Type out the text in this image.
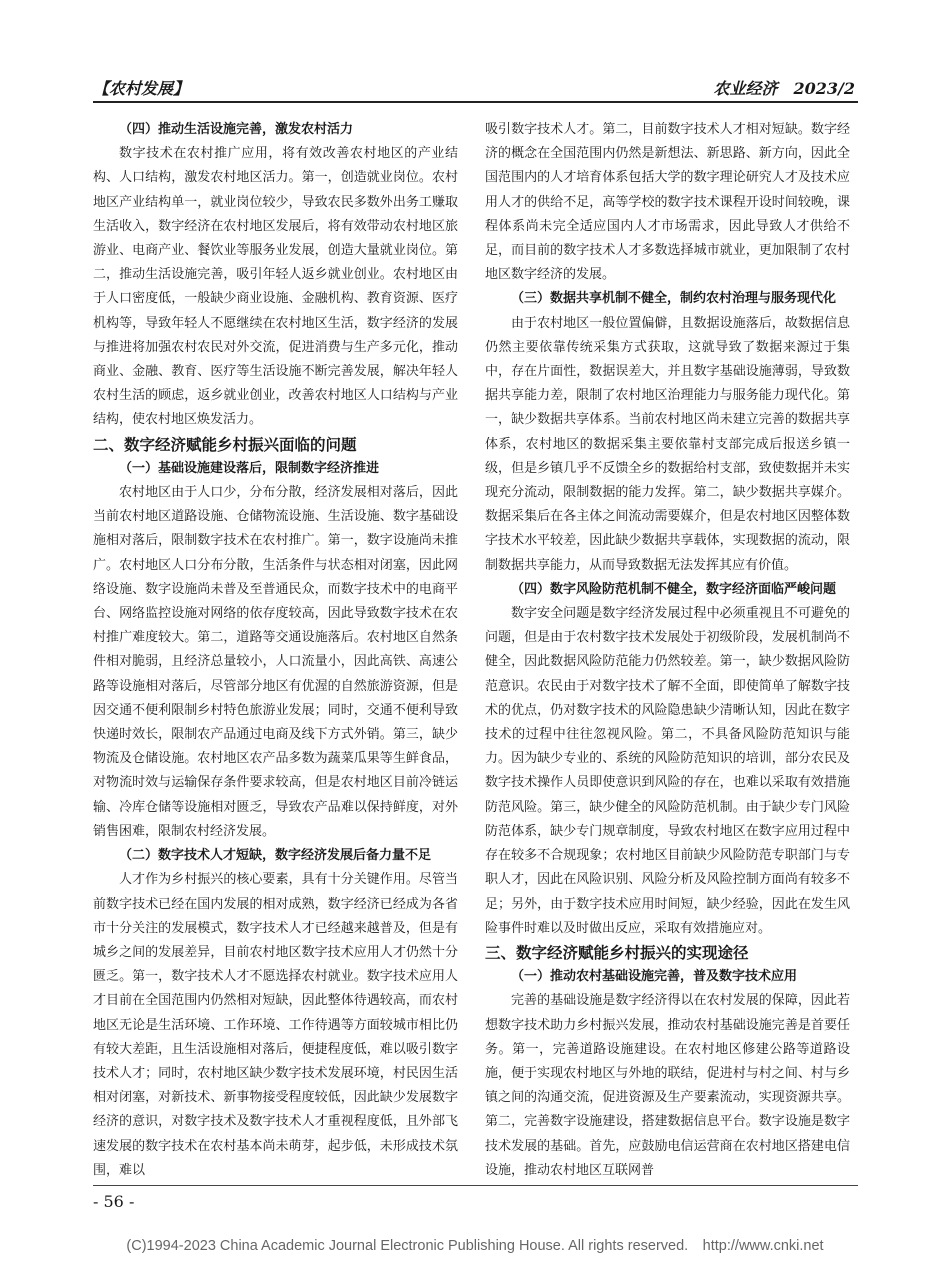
【农村发展】	农业经济　2023/2
（四）推动生活设施完善，激发农村活力

数字技术在农村推广应用，将有效改善农村地区的产业结构、人口结构，激发农村地区活力。第一，创造就业岗位。农村地区产业结构单一，就业岗位较少，导致农民多数外出务工赚取生活收入，数字经济在农村地区发展后，将有效带动农村地区旅游业、电商产业、餐饮业等服务业发展，创造大量就业岗位。第二，推动生活设施完善，吸引年轻人返乡就业创业。农村地区由于人口密度低，一般缺少商业设施、金融机构、教育资源、医疗机构等，导致年轻人不愿继续在农村地区生活，数字经济的发展与推进将加强农村农民对外交流，促进消费与生产多元化，推动商业、金融、教育、医疗等生活设施不断完善发展，解决年轻人农村生活的顾虑，返乡就业创业，改善农村地区人口结构与产业结构，使农村地区焕发活力。

二、数字经济赋能乡村振兴面临的问题
（一）基础设施建设落后，限制数字经济推进

农村地区由于人口少，分布分散，经济发展相对落后，因此当前农村地区道路设施、仓储物流设施、生活设施、数字基础设施相对落后，限制数字技术在农村推广。第一，数字设施尚未推广。农村地区人口分布分散，生活条件与状态相对闭塞，因此网络设施、数字设施尚未普及至普通民众，而数字技术中的电商平台、网络监控设施对网络的依存度较高，因此导致数字技术在农村推广难度较大。第二，道路等交通设施落后。农村地区自然条件相对脆弱，且经济总量较小，人口流量小，因此高铁、高速公路等设施相对落后，尽管部分地区有优渥的自然旅游资源，但是因交通不便利限制乡村特色旅游业发展；同时，交通不便利导致快递时效长，限制农产品通过电商及线下方式外销。第三，缺少物流及仓储设施。农村地区农产品多数为蔬菜瓜果等生鲜食品，对物流时效与运输保存条件要求较高，但是农村地区目前冷链运输、冷库仓储等设施相对匮乏，导致农产品难以保持鲜度，对外销售困难，限制农村经济发展。

（二）数字技术人才短缺，数字经济发展后备力量不足

人才作为乡村振兴的核心要素，具有十分关键作用。尽管当前数字技术已经在国内发展的相对成熟，数字经济已经成为各省市十分关注的发展模式，数字技术人才已经越来越普及，但是有城乡之间的发展差异，目前农村地区数字技术应用人才仍然十分匮乏。第一，数字技术人才不愿选择农村就业。数字技术应用人才目前在全国范围内仍然相对短缺，因此整体待遇较高，而农村地区无论是生活环境、工作环境、工作待遇等方面较城市相比仍有较大差距，且生活设施相对落后，便捷程度低，难以吸引数字技术人才；同时，农村地区缺少数字技术发展环境，村民因生活相对闭塞，对新技术、新事物接受程度较低，因此缺少发展数字经济的意识，对数字技术及数字技术人才重视程度低，且外部飞速发展的数字技术在农村基本尚未萌芽，起步低，未形成技术氛围，难以

吸引数字技术人才。第二，目前数字技术人才相对短缺。数字经济的概念在全国范围内仍然是新想法、新思路、新方向，因此全国范围内的人才培育体系包括大学的数字理论研究人才及技术应用人才的供给不足，高等学校的数字技术课程开设时间较晚，课程体系尚未完全适应国内人才市场需求，因此导致人才供给不足，而目前的数字技术人才多数选择城市就业，更加限制了农村地区数字经济的发展。

（三）数据共享机制不健全，制约农村治理与服务现代化

由于农村地区一般位置偏僻，且数据设施落后，故数据信息仍然主要依靠传统采集方式获取，这就导致了数据来源过于集中，存在片面性，数据误差大，并且数字基础设施薄弱，导致数据共享能力差，限制了农村地区治理能力与服务能力现代化。第一，缺少数据共享体系。当前农村地区尚未建立完善的数据共享体系，农村地区的数据采集主要依靠村支部完成后报送乡镇一级，但是乡镇几乎不反馈全乡的数据给村支部，致使数据并未实现充分流动，限制数据的能力发挥。第二，缺少数据共享媒介。数据采集后在各主体之间流动需要媒介，但是农村地区因整体数字技术水平较差，因此缺少数据共享载体，实现数据的流动，限制数据共享能力，从而导致数据无法发挥其应有价值。

（四）数字风险防范机制不健全，数字经济面临严峻问题

数字安全问题是数字经济发展过程中必须重视且不可避免的问题，但是由于农村数字技术发展处于初级阶段，发展机制尚不健全，因此数据风险防范能力仍然较差。第一，缺少数据风险防范意识。农民由于对数字技术了解不全面，即使简单了解数字技术的优点，仍对数字技术的风险隐患缺少清晰认知，因此在数字技术的过程中往往忽视风险。第二，不具备风险防范知识与能力。因为缺少专业的、系统的风险防范知识的培训，部分农民及数字技术操作人员即使意识到风险的存在，也难以采取有效措施防范风险。第三，缺少健全的风险防范机制。由于缺少专门风险防范体系，缺少专门规章制度，导致农村地区在数字应用过程中存在较多不合规现象；农村地区目前缺少风险防范专职部门与专职人才，因此在风险识别、风险分析及风险控制方面尚有较多不足；另外，由于数字技术应用时间短，缺少经验，因此在发生风险事件时难以及时做出反应，采取有效措施应对。

三、数字经济赋能乡村振兴的实现途径
（一）推动农村基础设施完善，普及数字技术应用

完善的基础设施是数字经济得以在农村发展的保障，因此若想数字技术助力乡村振兴发展，推动农村基础设施完善是首要任务。第一，完善道路设施建设。在农村地区修建公路等道路设施，便于实现农村地区与外地的联结，促进村与村之间、村与乡镇之间的沟通交流，促进资源及生产要素流动，实现资源共享。第二，完善数字设施建设，搭建数据信息平台。数字设施是数字技术发展的基础。首先，应鼓励电信运营商在农村地区搭建电信设施，推动农村地区互联网普

- 56 -
(C)1994-2023 China Academic Journal Electronic Publishing House. All rights reserved.　http://www.cnki.net
